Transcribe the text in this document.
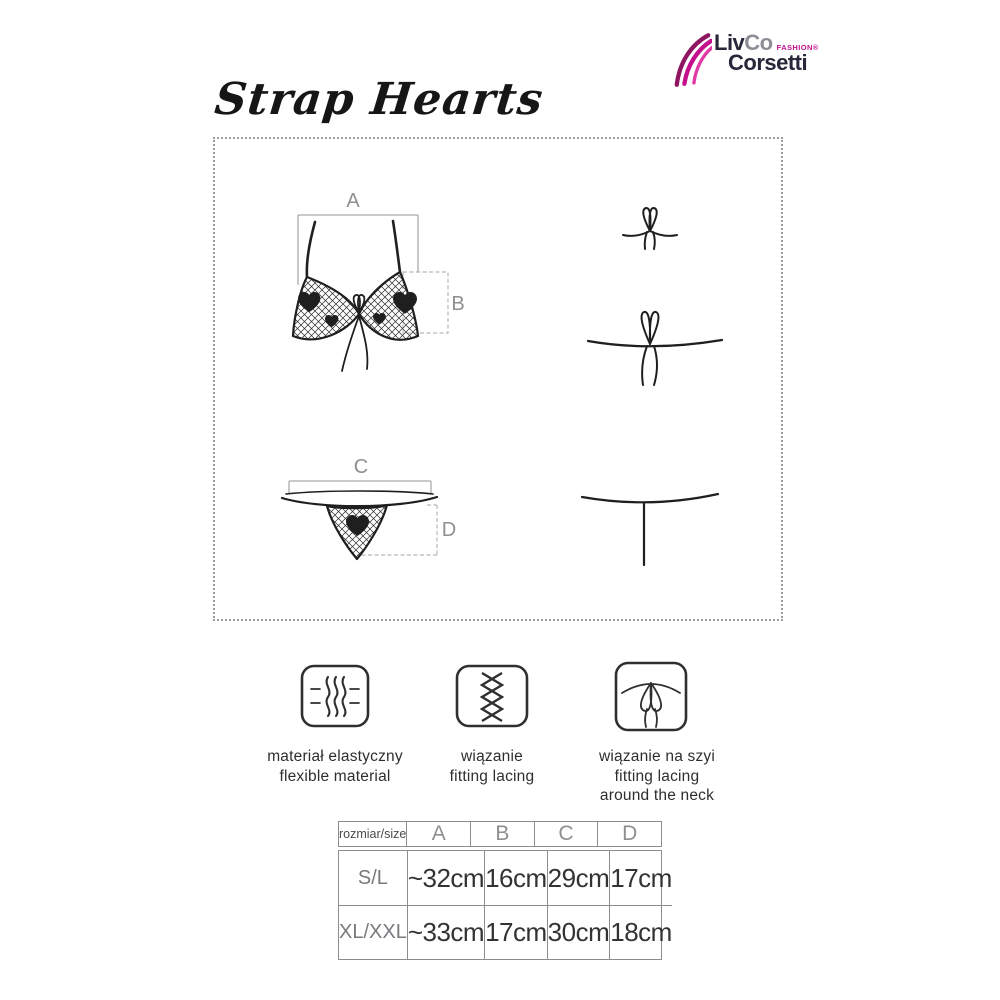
Liv Co FASHION®
Corsetti
Strap Hearts
A
B
C
D
materiał elastyczny
flexible material
wiązanie
fitting lacing
wiązanie na szyi
fitting lacing
around the neck
rozmiar/size	A	B	C	D
S/L ~32cm 16cm 29cm 17cm
XL/XXL ~33cm 17cm 30cm 18cm
